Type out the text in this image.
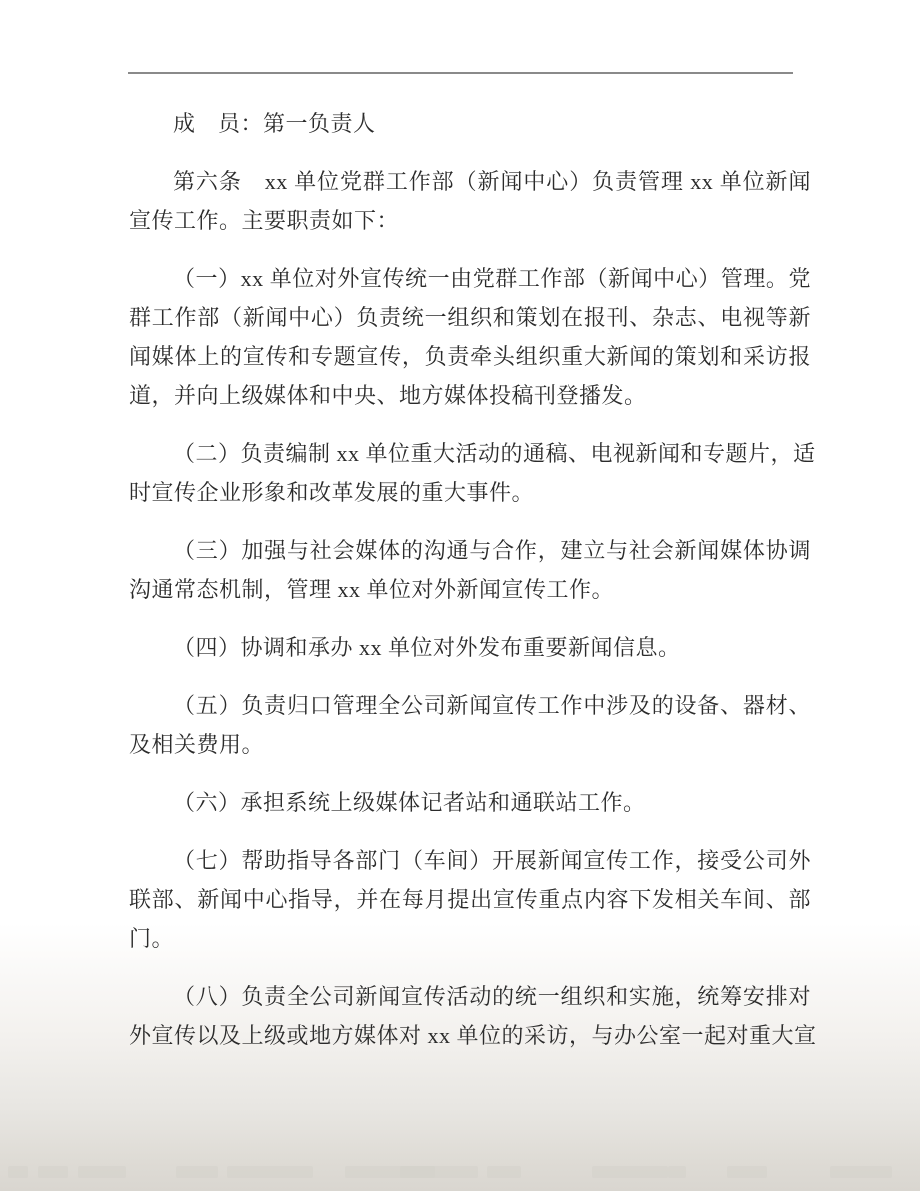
成　员：第一负责人
第六条　xx 单位党群工作部（新闻中心）负责管理 xx 单位新闻
宣传工作。主要职责如下：
（一）xx 单位对外宣传统一由党群工作部（新闻中心）管理。党
群工作部（新闻中心）负责统一组织和策划在报刊、杂志、电视等新
闻媒体上的宣传和专题宣传，负责牵头组织重大新闻的策划和采访报
道，并向上级媒体和中央、地方媒体投稿刊登播发。
（二）负责编制 xx 单位重大活动的通稿、电视新闻和专题片，适
时宣传企业形象和改革发展的重大事件。
（三）加强与社会媒体的沟通与合作，建立与社会新闻媒体协调
沟通常态机制，管理 xx 单位对外新闻宣传工作。
（四）协调和承办 xx 单位对外发布重要新闻信息。
（五）负责归口管理全公司新闻宣传工作中涉及的设备、器材、
及相关费用。
（六）承担系统上级媒体记者站和通联站工作。
（七）帮助指导各部门（车间）开展新闻宣传工作，接受公司外
联部、新闻中心指导，并在每月提出宣传重点内容下发相关车间、部
门。
（八）负责全公司新闻宣传活动的统一组织和实施，统筹安排对
外宣传以及上级或地方媒体对 xx 单位的采访，与办公室一起对重大宣
